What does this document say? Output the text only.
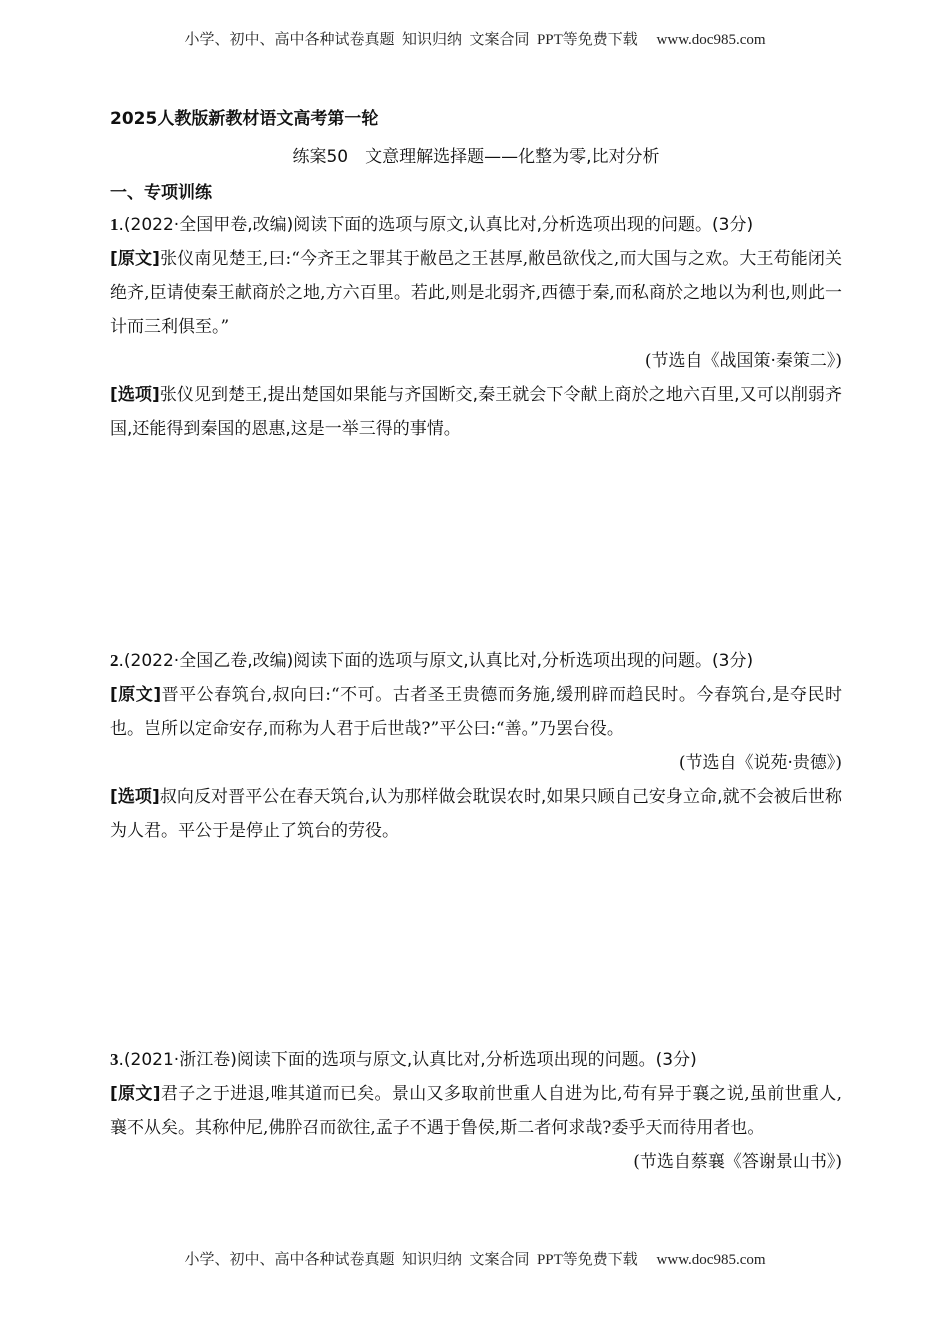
小学、初中、高中各种试卷真题  知识归纳  文案合同  PPT等免费下载     www.doc985.com
2025人教版新教材语文高考第一轮
练案50　文意理解选择题——化整为零,比对分析
一、专项训练

1.(2022·全国甲卷,改编)阅读下面的选项与原文,认真比对,分析选项出现的问题。(3分)

[原文]张仪南见楚王,曰:“今齐王之罪其于敝邑之王甚厚,敝邑欲伐之,而大国与之欢。大王苟能闭关绝齐,臣请使秦王献商於之地,方六百里。若此,则是北弱齐,西德于秦,而私商於之地以为利也,则此一计而三利俱至。”

(节选自《战国策·秦策二》)

[选项]张仪见到楚王,提出楚国如果能与齐国断交,秦王就会下令献上商於之地六百里,又可以削弱齐国,还能得到秦国的恩惠,这是一举三得的事情。

2.(2022·全国乙卷,改编)阅读下面的选项与原文,认真比对,分析选项出现的问题。(3分)

[原文]晋平公春筑台,叔向曰:“不可。古者圣王贵德而务施,缓刑辟而趋民时。今春筑台,是夺民时也。岂所以定命安存,而称为人君于后世哉?”平公曰:“善。”乃罢台役。

(节选自《说苑·贵德》)

[选项]叔向反对晋平公在春天筑台,认为那样做会耽误农时,如果只顾自己安身立命,就不会被后世称为人君。平公于是停止了筑台的劳役。

3.(2021·浙江卷)阅读下面的选项与原文,认真比对,分析选项出现的问题。(3分)

[原文]君子之于进退,唯其道而已矣。景山又多取前世重人自进为比,苟有异于襄之说,虽前世重人,襄不从矣。其称仲尼,佛肸召而欲往,孟子不遇于鲁侯,斯二者何求哉?委乎天而待用者也。

(节选自蔡襄《答谢景山书》)

小学、初中、高中各种试卷真题  知识归纳  文案合同  PPT等免费下载     www.doc985.com
